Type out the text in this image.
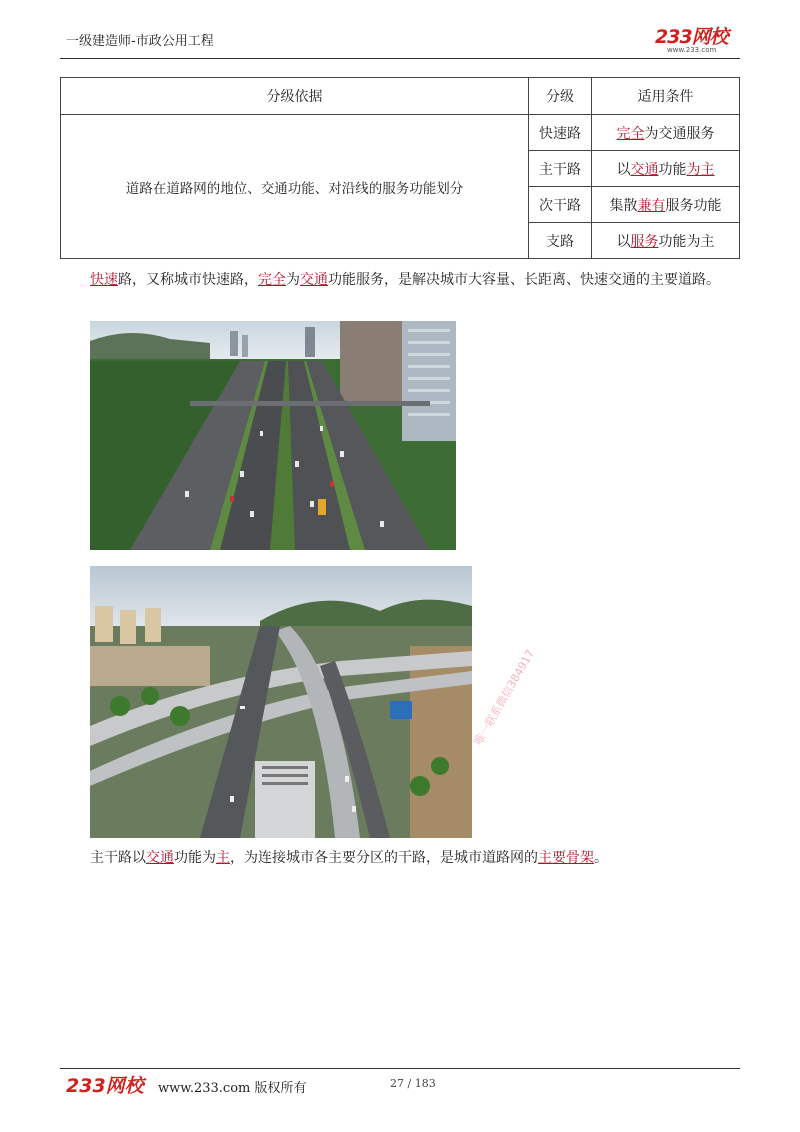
一级建造师-市政公用工程	233网校
www.233.com
分级依据	分级	适用条件
道路在道路网的地位、交通功能、对沿线的服务功能划分	快速路	完全为交通服务
	主干路	以交通功能为主
	次干路	集散兼有服务功能
	支路	以服务功能为主
快速路，又称城市快速路，完全为交通功能服务，是解决城市大容量、长距离、快速交通的主要道路。
唯一联系微信384917
主干路以交通功能为主，为连接城市各主要分区的干路，是城市道路网的主要骨架。
233网校 www.233.com 版权所有	27 / 183
